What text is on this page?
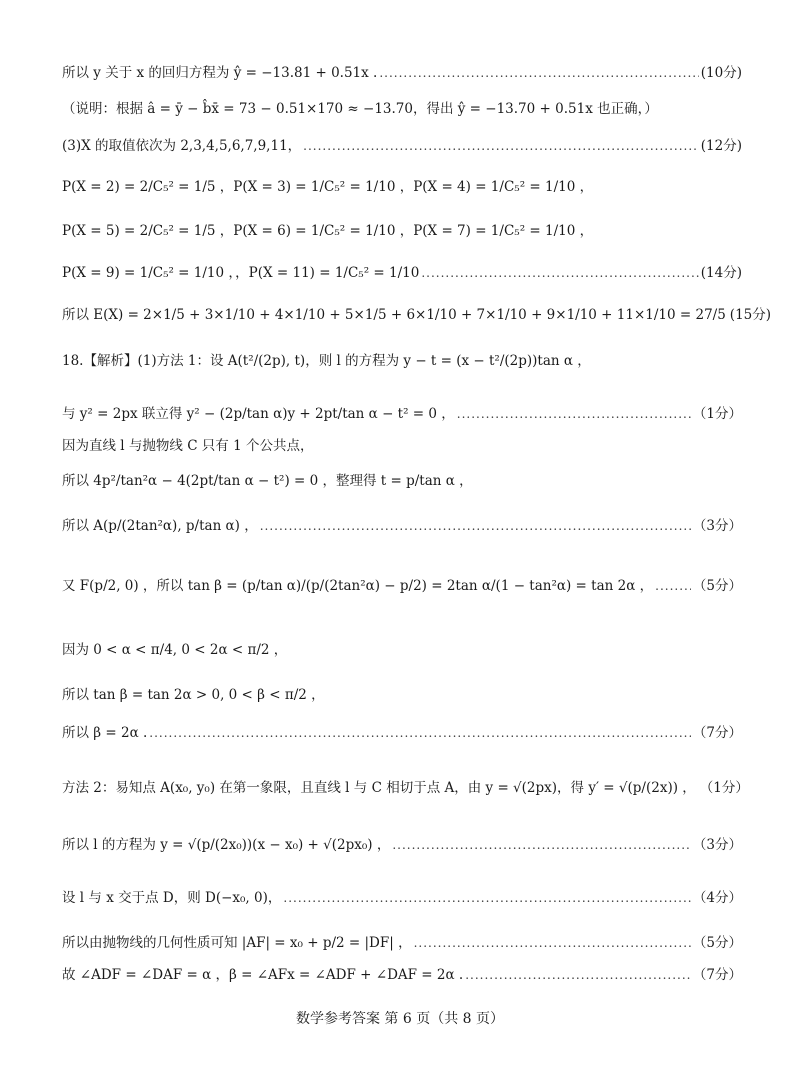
所以 y 关于 x 的回归方程为 ŷ = −13.81 + 0.51x . .....	(10分)
（说明：根据 â = ȳ − b̂x̄ = 73 − 0.51×170 ≈ −13.70，得出 ŷ = −13.70 + 0.51x 也正确，）
(3)X 的取值依次为 2,3,4,5,6,7,9,11， .....	(12分)
P(X = 2) = 2/C₅² = 1/5 ，P(X = 3) = 1/C₅² = 1/10 ，P(X = 4) = 1/C₅² = 1/10 ，
P(X = 5) = 2/C₅² = 1/5 ，P(X = 6) = 1/C₅² = 1/10 ，P(X = 7) = 1/C₅² = 1/10 ，
P(X = 9) = 1/C₅² = 1/10 ，，P(X = 11) = 1/C₅² = 1/10 .....	(14分)
所以 E(X) = 2×1/5 + 3×1/10 + 4×1/10 + 5×1/5 + 6×1/10 + 7×1/10 + 9×1/10 + 11×1/10 = 27/5 (15分)
18.【解析】(1)方法 1：设 A(t²/(2p), t)，则 l 的方程为 y − t = (x − t²/(2p))tan α ，
与 y² = 2px 联立得 y² − (2p/tan α)y + 2pt/tan α − t² = 0 ， .....	（1分）
因为直线 l 与抛物线 C 只有 1 个公共点，
所以 4p²/tan²α − 4(2pt/tan α − t²) = 0 ，整理得 t = p/tan α ，
所以 A(p/(2tan²α), p/tan α) ， .....	（3分）
又 F(p/2, 0) ，所以 tan β = (p/tan α)/(p/(2tan²α) − p/2) = 2tan α/(1 − tan²α) = tan 2α ， .....	（5分）
因为 0 < α < π/4, 0 < 2α < π/2 ，
所以 tan β = tan 2α > 0, 0 < β < π/2 ，
所以 β = 2α . .....	（7分）
方法 2：易知点 A(x₀, y₀) 在第一象限，且直线 l 与 C 相切于点 A，由 y = √(2px)，得 y′ = √(p/(2x)) ， （1分）
所以 l 的方程为 y = √(p/(2x₀))(x − x₀) + √(2px₀) ， .....	（3分）
设 l 与 x 交于点 D，则 D(−x₀, 0)， .....	（4分）
所以由抛物线的几何性质可知 |AF| = x₀ + p/2 = |DF| ， .....	（5分）
故 ∠ADF = ∠DAF = α ，β = ∠AFx = ∠ADF + ∠DAF = 2α . .....	（7分）
数学参考答案 第 6 页（共 8 页）
